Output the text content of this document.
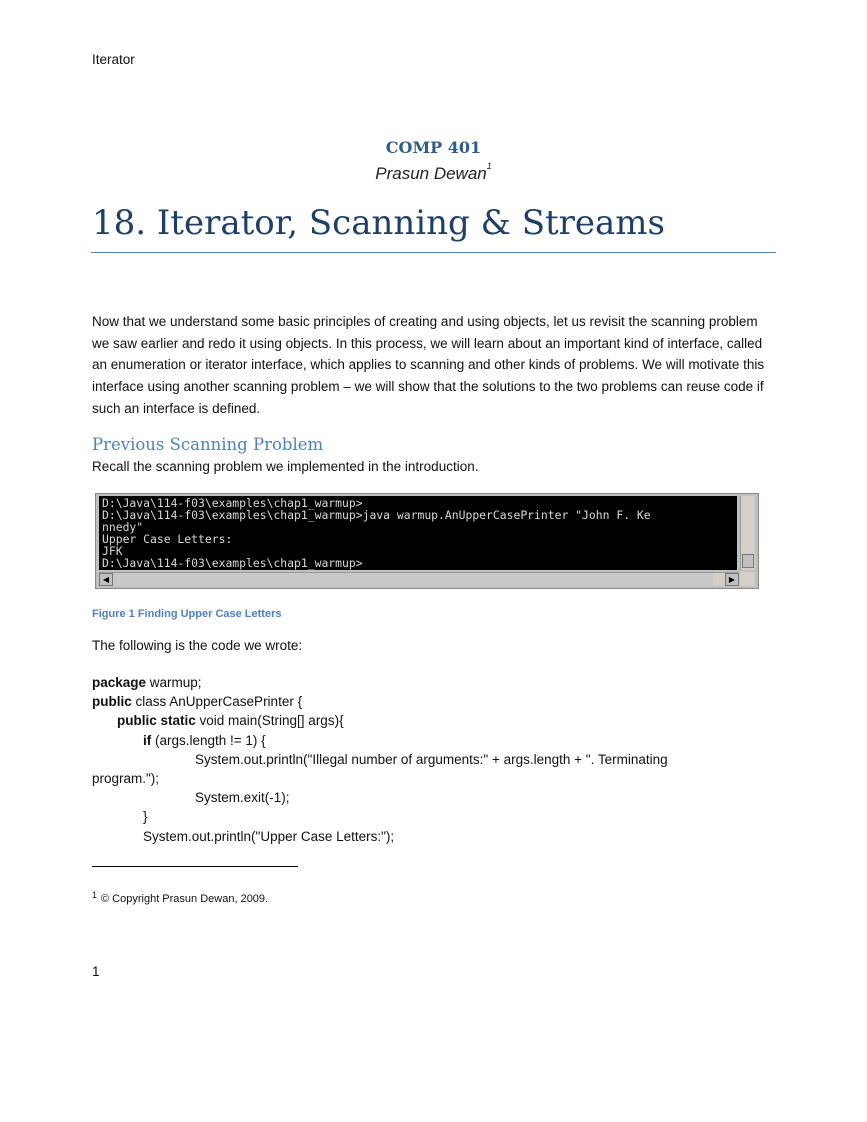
Iterator
COMP 401
Prasun Dewan$^1$
18. Iterator, Scanning & Streams
Now that we understand some basic principles of creating and using objects, let us revisit the scanning problem we saw earlier and redo it using objects. In this process, we will learn about an important kind of interface, called an enumeration or iterator interface, which applies to scanning and other kinds of problems. We will motivate this interface using another scanning problem – we will show that the solutions to the two problems can reuse code if such an interface is defined.
Previous Scanning Problem
Recall the scanning problem we implemented in the introduction.
D:\Java\114-f03\examples\chap1_warmup>
D:\Java\114-f03\examples\chap1_warmup>java warmup.AnUpperCasePrinter "John F. Ke
nnedy"
Upper Case Letters:
JFK
D:\Java\114-f03\examples\chap1_warmup>
◀	▶
Figure 1 Finding Upper Case Letters
The following is the code we wrote:
package warmup;
public class AnUpperCasePrinter {
public static void main(String[] args){
if (args.length != 1) {
System.out.println("Illegal number of arguments:" + args.length + ". Terminating
program.");
System.exit(-1);
}
System.out.println("Upper Case Letters:");
$^1$ © Copyright Prasun Dewan, 2009.
1
